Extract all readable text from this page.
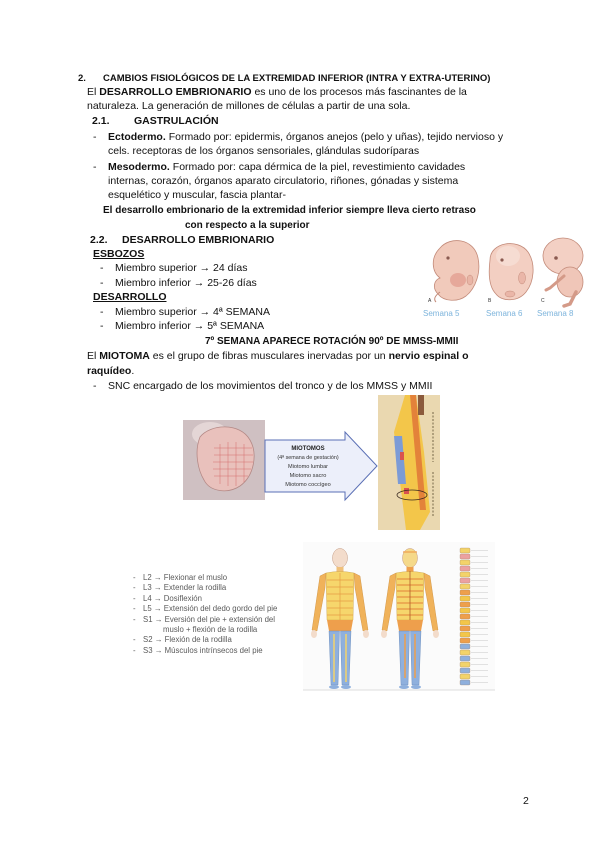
2. CAMBIOS FISIOLÓGICOS DE LA EXTREMIDAD INFERIOR (INTRA Y EXTRA-UTERINO)
El DESARROLLO EMBRIONARIO es uno de los procesos más fascinantes de la
naturaleza. La generación de millones de células a partir de una sola.
2.1. GASTRULACIÓN
- Ectodermo. Formado por: epidermis, órganos anejos (pelo y uñas), tejido nervioso y
cels. receptoras de los órganos sensoriales, glándulas sudoríparas
- Mesodermo. Formado por: capa dérmica de la piel, revestimiento cavidades
internas, corazón, órganos aparato circulatorio, riñones, gónadas y sistema
esquelético y muscular, fascia plantar-
El desarrollo embrionario de la extremidad inferior siempre lleva cierto retraso
con respecto a la superior
2.2. DESARROLLO EMBRIONARIO
ESBOZOS
- Miembro superior → 24 días
- Miembro inferior → 25-26 días
DESARROLLO
- Miembro superior → 4ª SEMANA
- Miembro inferior → 5ª SEMANA
7º SEMANA APARECE ROTACIÓN 90º DE MMSS-MMII
El MIOTOMA es el grupo de fibras musculares inervadas por un nervio espinal o
raquídeo.
- SNC encargado de los movimientos del tronco y de los MMSS y MMII
A	B	C
Semana 5	Semana 6 Semana 8
MIOTOMOS
(4ª semana de gestación)
Miotomo lumbar
Miotomo sacro
Miotomo coccígeo
- L2 → Flexionar el muslo
- L3 → Extender la rodilla
- L4 → Dosiflexión
- L5 → Extensión del dedo gordo del pie
- S1 → Eversión del pie + extensión del muslo + flexión de la rodilla
- S2 → Flexión de la rodilla
- S3 → Músculos intrínsecos del pie
2
